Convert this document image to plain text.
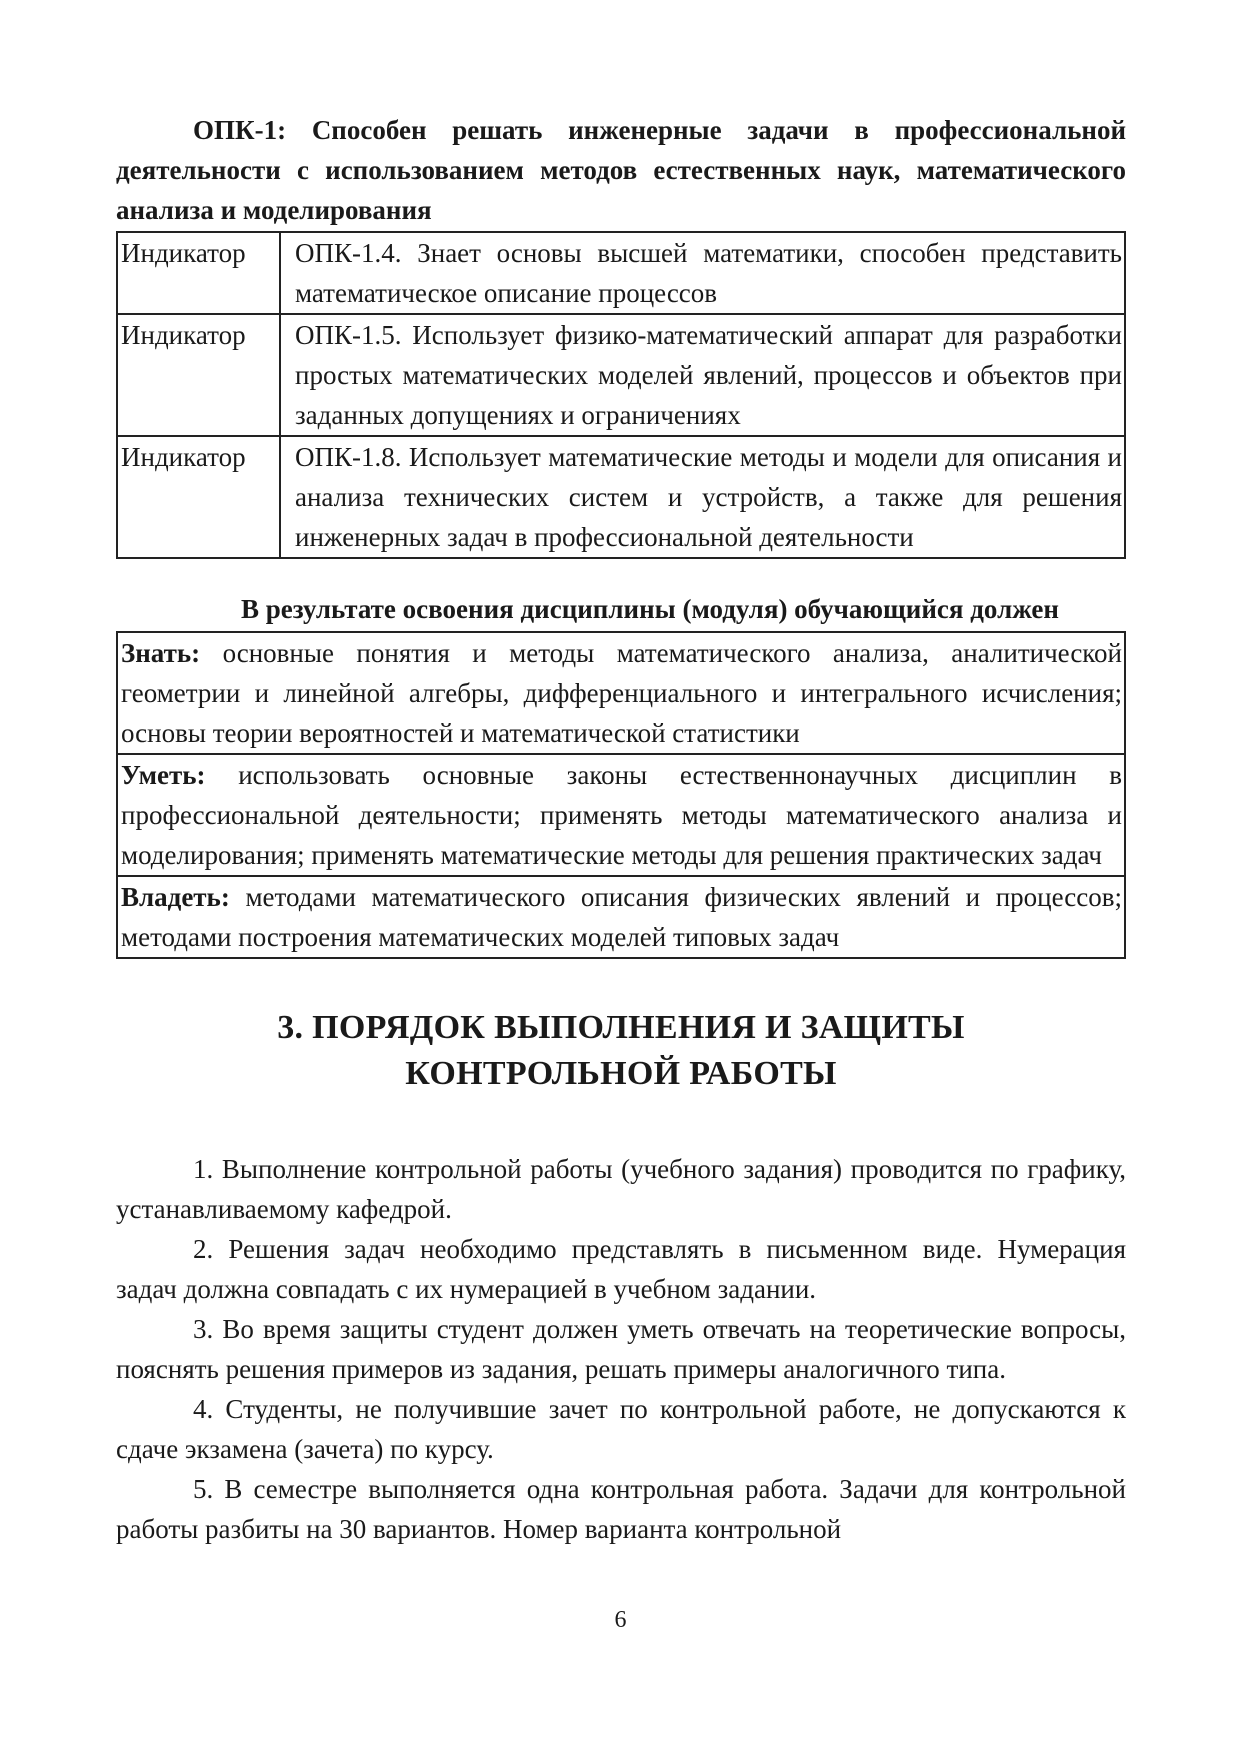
ОПК-1: Способен решать инженерные задачи в профессиональной деятельности с использованием методов естественных наук, математического анализа и моделирования

Индикатор	ОПК-1.4. Знает основы высшей математики, способен представить математическое описание процессов
Индикатор	ОПК-1.5. Использует физико-математический аппарат для разработки простых математических моделей явлений, процессов и объектов при заданных допущениях и ограничениях
Индикатор	ОПК-1.8. Использует математические методы и модели для описания и анализа технических систем и устройств, а также для решения инженерных задач в профессиональной деятельности
В результате освоения дисциплины (модуля) обучающийся должен
Знать: основные понятия и методы математического анализа, аналитической геометрии и линейной алгебры, дифференциального и интегрального исчисления; основы теории вероятностей и математической статистики
Уметь: использовать основные законы естественнонаучных дисциплин в профессиональной деятельности; применять методы математического анализа и моделирования; применять математические методы для решения практических задач
Владеть: методами математического описания физических явлений и процессов; методами построения математических моделей типовых задач
3. ПОРЯДОК ВЫПОЛНЕНИЯ И ЗАЩИТЫ
КОНТРОЛЬНОЙ РАБОТЫ

1. Выполнение контрольной работы (учебного задания) проводится по графику, устанавливаемому кафедрой.

2. Решения задач необходимо представлять в письменном виде. Нумерация задач должна совпадать с их нумерацией в учебном задании.

3. Во время защиты студент должен уметь отвечать на теоретические вопросы, пояснять решения примеров из задания, решать примеры аналогичного типа.

4. Студенты, не получившие зачет по контрольной работе, не допускаются к сдаче экзамена (зачета) по курсу.

5. В семестре выполняется одна контрольная работа. Задачи для контрольной работы разбиты на 30 вариантов. Номер варианта контрольной

6
